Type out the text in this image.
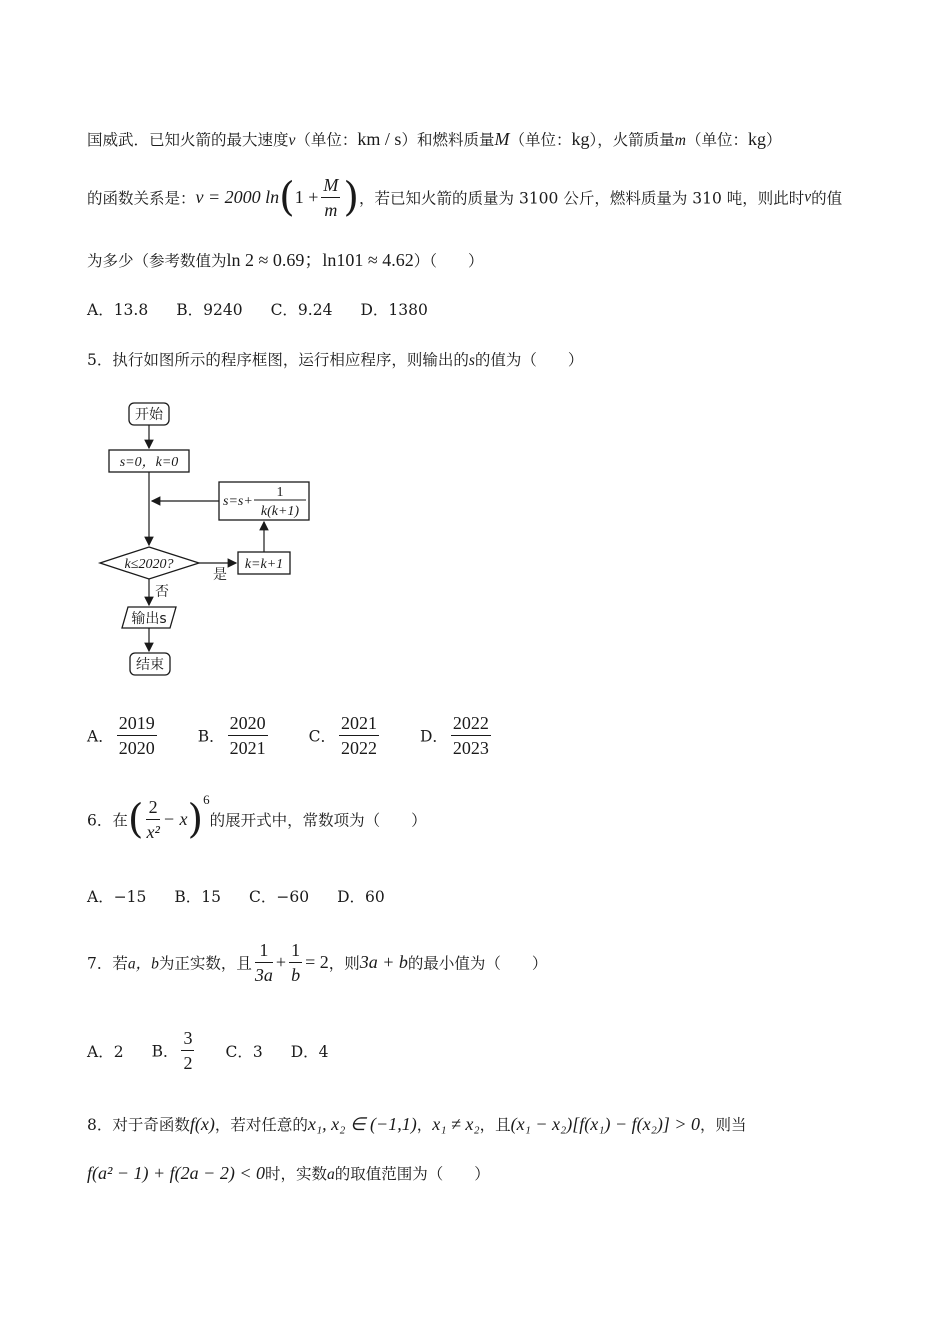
国威武．已知火箭的最大速度v（单位：km / s）和燃料质量M（单位：kg），火箭质量m（单位：kg）
的函数关系是：v = 2000 $\ln(1 + \frac{M}{m}$ )，若已知火箭的质量为 3100 公斤，燃料质量为 310 吨，则此时v的值
为多少（参考数值为ln 2 ≈ 0.69；ln101 ≈ 4.62）（　　）
A．13.8 B．9240 C．9.24 D．1380
5．执行如图所示的程序框图，运行相应程序，则输出的s的值为（　　）
开始
s=0，k=0
s=s+
1
k(k+1)
k≤2020?
是
k=k+1
否
输出s
结束
A． $\frac{2019}{2020}$	B． $\frac{2020}{2021}$	C． $\frac{2021}{2022}$	D． $\frac{2022}{2023}$
6．在( $\frac{2}{\text{x²}} - x)^6$的展开式中，常数项为（　　）
A．−15 B．15 C．−60 D．60
7．若a，b为正实数，且 $\frac{1}{3a} + \frac{1}{b} = 2$，则3a + b的最小值为（　　）
A．2 B． $\frac{3}{2}$ C．3 D．4
8．对于奇函数f(x)，若对任意的x₁, x₂ ∈ (−1,1)，x₁ ≠ x₂，且(x₁ − x₂)[f(x₁) − f(x₂)] > 0，则当
f(a² − 1) + f(2a − 2) < 0时，实数a的取值范围为（　　）
